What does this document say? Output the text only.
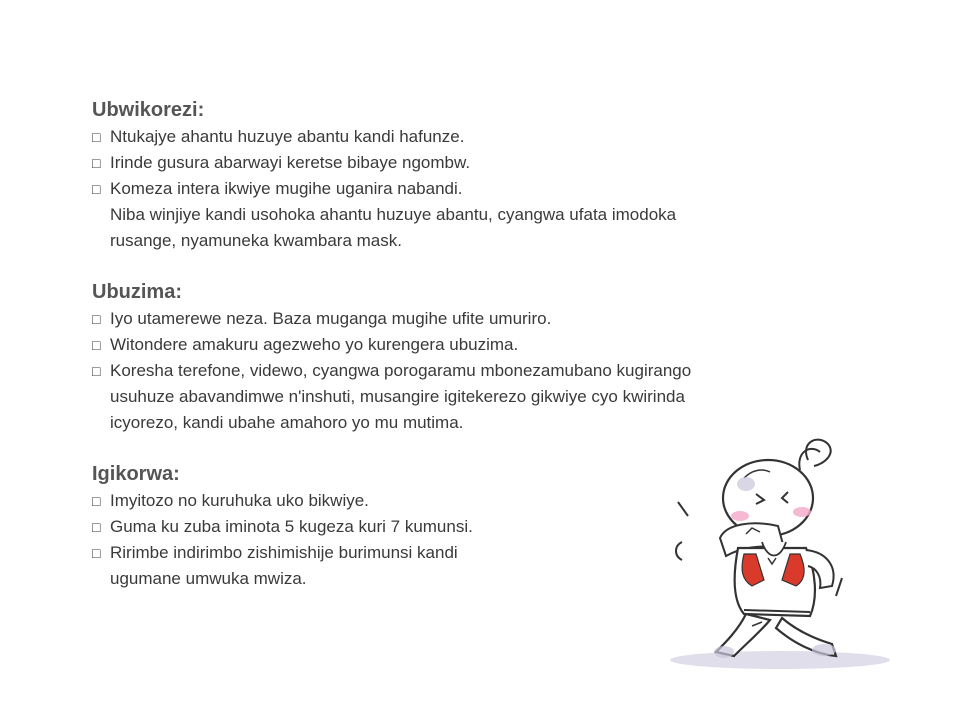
Ubwikorezi:
□ Ntukajye ahantu huzuye abantu kandi hafunze.
□ Irinde gusura abarwayi keretse bibaye ngombw.
□ Komeza intera ikwiye mugihe uganira nabandi.
Niba winjiye kandi usohoka ahantu huzuye abantu, cyangwa ufata imodoka
rusange, nyamuneka kwambara mask.
Ubuzima:
□ Iyo utamerewe neza. Baza muganga mugihe ufite umuriro.
□ Witondere amakuru agezweho yo kurengera ubuzima.
□ Koresha terefone, videwo, cyangwa porogaramu mbonezamubano kugirango
usuhuze abavandimwe n'inshuti, musangire igitekerezo gikwiye cyo kwirinda
icyorezo, kandi ubahe amahoro yo mu mutima.
Igikorwa:
□ Imyitozo no kuruhuka uko bikwiye.
□ Guma ku zuba iminota 5 kugeza kuri 7 kumunsi.
□ Ririmbe indirimbo zishimishije burimunsi kandi
ugumane umwuka mwiza.
